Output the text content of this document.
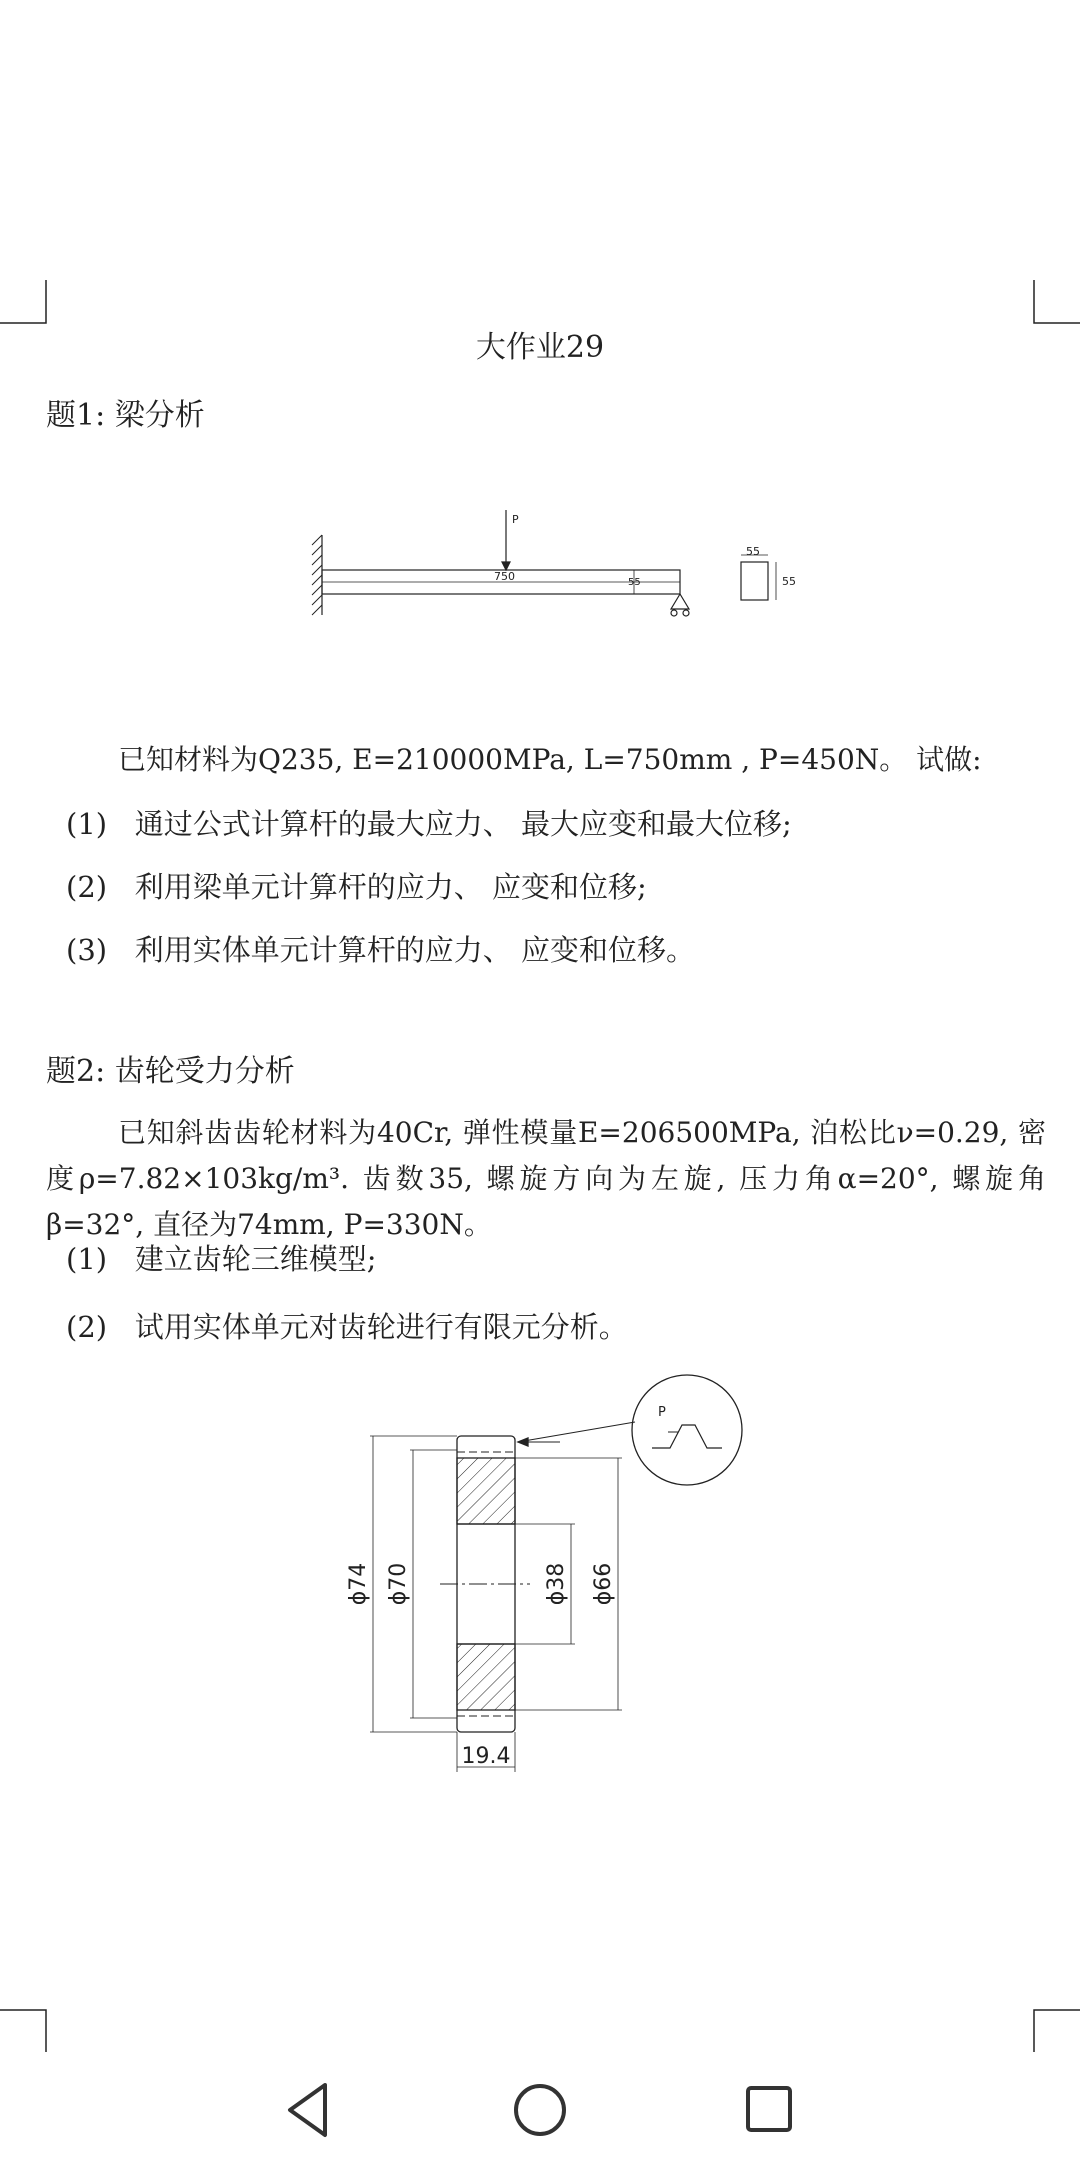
大作业29
题1: 梁分析
P
750	55
55
55
已知材料为Q235, E=210000MPa, L=750mm , P=450N。 试做:
(1) 通过公式计算杆的最大应力、 最大应变和最大位移;
(2) 利用梁单元计算杆的应力、 应变和位移;
(3) 利用实体单元计算杆的应力、 应变和位移。
题2: 齿轮受力分析
已知斜齿齿轮材料为40Cr, 弹性模量E=206500MPa, 泊松比ν=0.29, 密度ρ=7.82×103kg/m³. 齿数35, 螺旋方向为左旋, 压力角α=20°, 螺旋角β=32°, 直径为74mm, P=330N。
(1) 建立齿轮三维模型;
(2) 试用实体单元对齿轮进行有限元分析。
ϕ74 ϕ70	ϕ38 ϕ66
19.4
P
